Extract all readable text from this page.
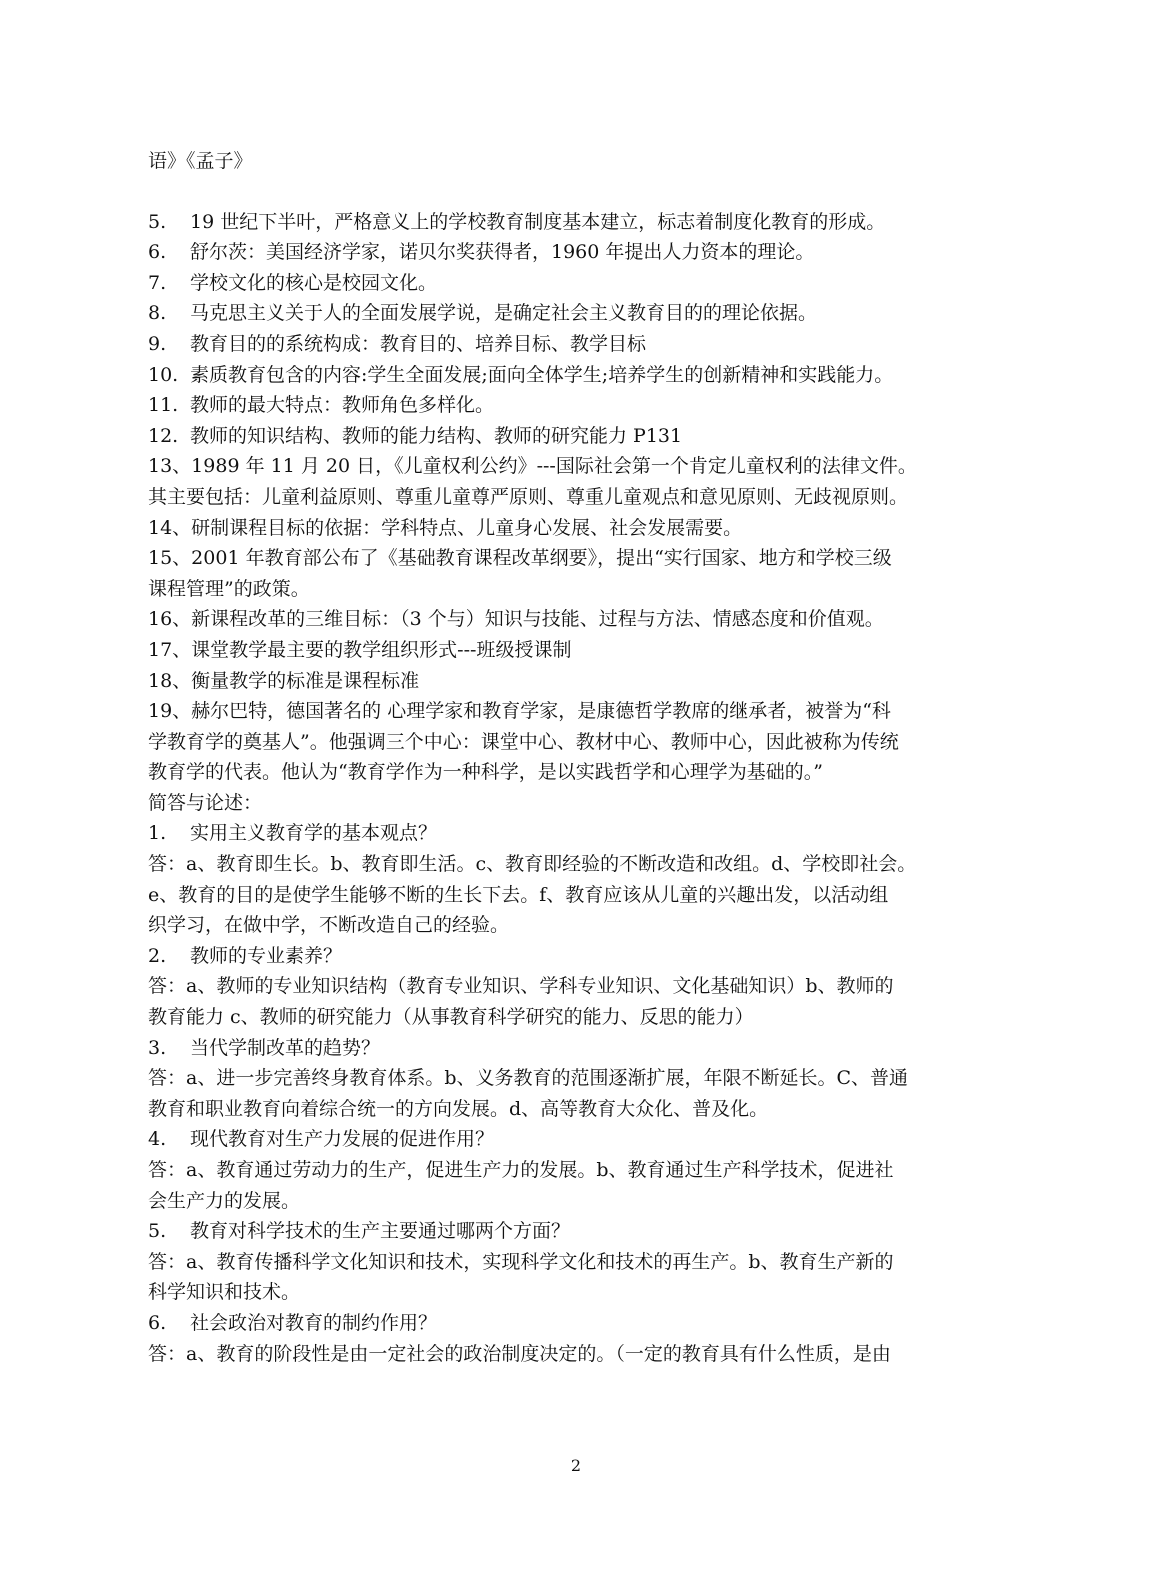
语》《孟子》
5. 19 世纪下半叶，严格意义上的学校教育制度基本建立，标志着制度化教育的形成。
6. 舒尔茨：美国经济学家，诺贝尔奖获得者，1960 年提出人力资本的理论。
7. 学校文化的核心是校园文化。
8. 马克思主义关于人的全面发展学说，是确定社会主义教育目的的理论依据。
9. 教育目的的系统构成：教育目的、培养目标、教学目标
10. 素质教育包含的内容:学生全面发展;面向全体学生;培养学生的创新精神和实践能力。
11. 教师的最大特点：教师角色多样化。
12. 教师的知识结构、教师的能力结构、教师的研究能力 P131
13、1989 年 11 月 20 日，《儿童权利公约》---国际社会第一个肯定儿童权利的法律文件。
其主要包括：儿童利益原则、尊重儿童尊严原则、尊重儿童观点和意见原则、无歧视原则。
14、研制课程目标的依据：学科特点、儿童身心发展、社会发展需要。
15、2001 年教育部公布了《基础教育课程改革纲要》，提出“实行国家、地方和学校三级
课程管理”的政策。
16、新课程改革的三维目标：（3 个与）知识与技能、过程与方法、情感态度和价值观。
17、课堂教学最主要的教学组织形式---班级授课制
18、衡量教学的标准是课程标准
19、赫尔巴特，德国著名的 心理学家和教育学家，是康德哲学教席的继承者，被誉为“科
学教育学的奠基人”。他强调三个中心：课堂中心、教材中心、教师中心，因此被称为传统
教育学的代表。他认为“教育学作为一种科学，是以实践哲学和心理学为基础的。”
简答与论述：
1. 实用主义教育学的基本观点？
答：a、教育即生长。b、教育即生活。c、教育即经验的不断改造和改组。d、学校即社会。
e、教育的目的是使学生能够不断的生长下去。f、教育应该从儿童的兴趣出发，以活动组
织学习，在做中学，不断改造自己的经验。
2. 教师的专业素养？
答：a、教师的专业知识结构（教育专业知识、学科专业知识、文化基础知识）b、教师的
教育能力 c、教师的研究能力（从事教育科学研究的能力、反思的能力）
3. 当代学制改革的趋势？
答：a、进一步完善终身教育体系。b、义务教育的范围逐渐扩展，年限不断延长。C、普通
教育和职业教育向着综合统一的方向发展。d、高等教育大众化、普及化。
4. 现代教育对生产力发展的促进作用？
答：a、教育通过劳动力的生产，促进生产力的发展。b、教育通过生产科学技术，促进社
会生产力的发展。
5. 教育对科学技术的生产主要通过哪两个方面？
答：a、教育传播科学文化知识和技术，实现科学文化和技术的再生产。b、教育生产新的
科学知识和技术。
6. 社会政治对教育的制约作用？
答：a、教育的阶段性是由一定社会的政治制度决定的。（一定的教育具有什么性质，是由
2
